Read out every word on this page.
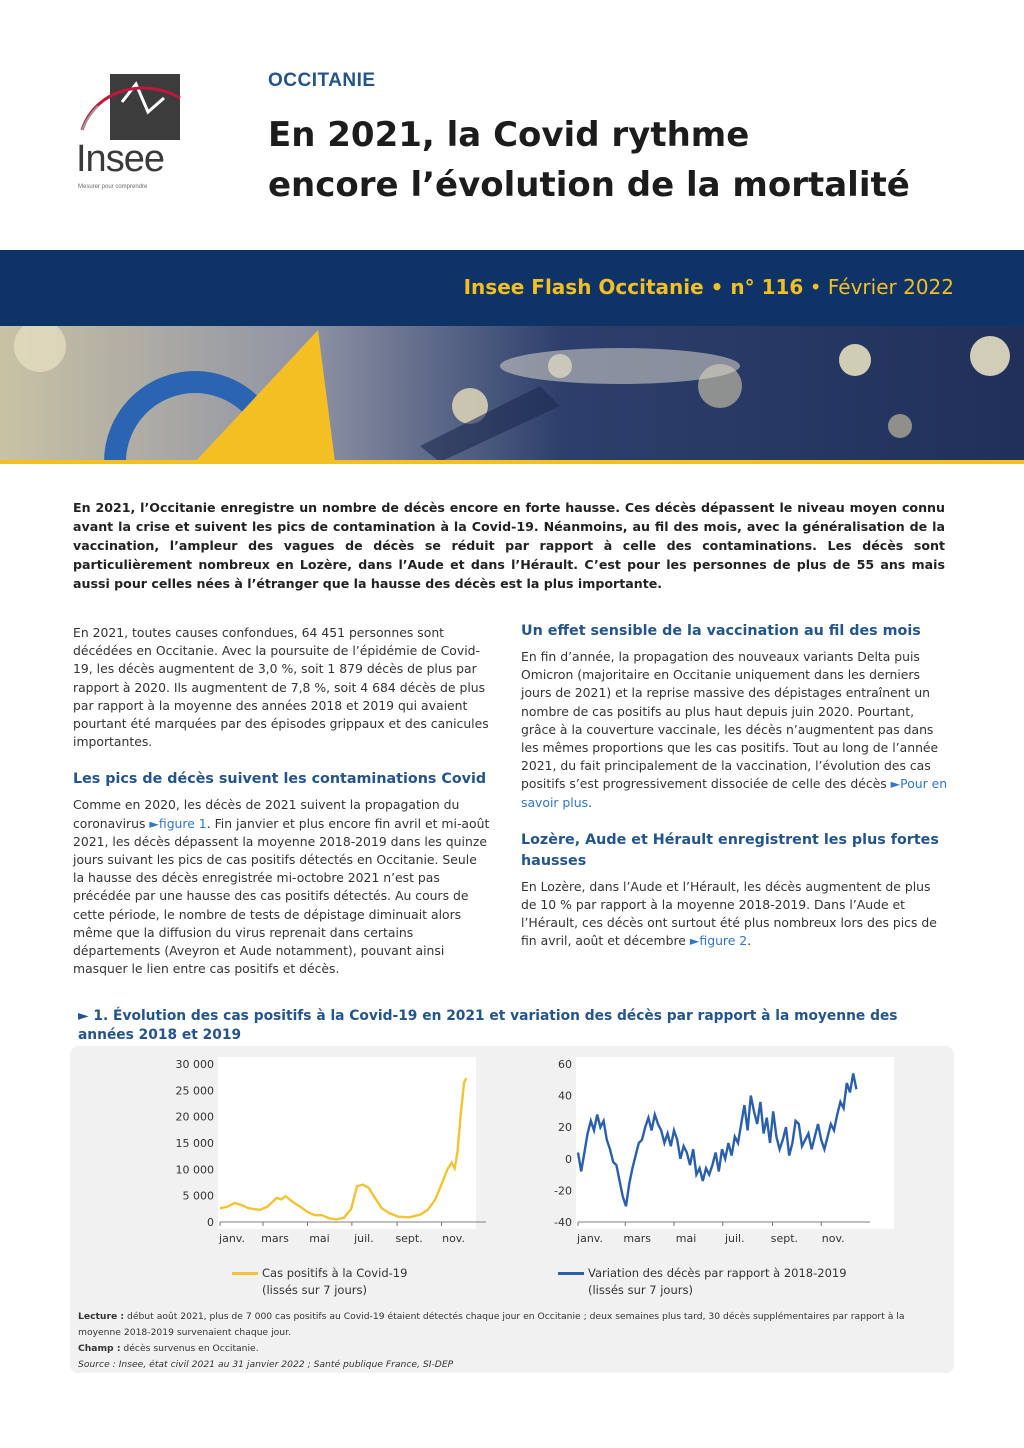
Insee
Mesurer pour comprendre
OCCITANIE
En 2021, la Covid rythme
encore l’évolution de la mortalité
Insee Flash Occitanie • n° 116 • Février 2022

En 2021, l’Occitanie enregistre un nombre de décès encore en forte hausse. Ces décès dépassent le niveau moyen connu avant la crise et suivent les pics de contamination à la Covid-19. Néanmoins, au fil des mois, avec la généralisation de la vaccination, l’ampleur des vagues de décès se réduit par rapport à celle des contaminations. Les décès sont particulièrement nombreux en Lozère, dans l’Aude et dans l’Hérault. C’est pour les personnes de plus de 55 ans mais aussi pour celles nées à l’étranger que la hausse des décès est la plus importante.

En 2021, toutes causes confondues, 64 451 personnes sont décédées en Occitanie. Avec la poursuite de l’épidémie de Covid-19, les décès augmentent de 3,0 %, soit 1 879 décès de plus par rapport à 2020. Ils augmentent de 7,8 %, soit 4 684 décès de plus par rapport à la moyenne des années 2018 et 2019 qui avaient pourtant été marquées par des épisodes grippaux et des canicules importantes.

Les pics de décès suivent les contaminations Covid

Comme en 2020, les décès de 2021 suivent la propagation du coronavirus ►figure 1. Fin janvier et plus encore fin avril et mi-août 2021, les décès dépassent la moyenne 2018-2019 dans les quinze jours suivant les pics de cas positifs détectés en Occitanie. Seule la hausse des décès enregistrée mi-octobre 2021 n’est pas précédée par une hausse des cas positifs détectés. Au cours de cette période, le nombre de tests de dépistage diminuait alors même que la diffusion du virus reprenait dans certains départements (Aveyron et Aude notamment), pouvant ainsi masquer le lien entre cas positifs et décès.

Un effet sensible de la vaccination au fil des mois

En fin d’année, la propagation des nouveaux variants Delta puis Omicron (majoritaire en Occitanie uniquement dans les derniers jours de 2021) et la reprise massive des dépistages entraînent un nombre de cas positifs au plus haut depuis juin 2020. Pourtant, grâce à la couverture vaccinale, les décès n’augmentent pas dans les mêmes proportions que les cas positifs. Tout au long de l’année 2021, du fait principalement de la vaccination, l’évolution des cas positifs s’est progressivement dissociée de celle des décès ►Pour en savoir plus.

Lozère, Aude et Hérault enregistrent les plus fortes hausses

En Lozère, dans l’Aude et l’Hérault, les décès augmentent de plus de 10 % par rapport à la moyenne 2018-2019. Dans l’Aude et l’Hérault, ces décès ont surtout été plus nombreux lors des pics de fin avril, août et décembre ►figure 2.

► 1. Évolution des cas positifs à la Covid-19 en 2021 et variation des décès par rapport à la moyenne des années 2018 et 2019

30 000
25 000
20 000
15 000
10 000
5 000
0
janv. mars mai juil. sept. nov.
60
40
20
0
-20
-40
janv. mars mai	juil. sept. nov.
Cas positifs à la Covid-19
(lissés sur 7 jours)
Variation des décès par rapport à 2018-2019
(lissés sur 7 jours)

Lecture : début août 2021, plus de 7 000 cas positifs au Covid-19 étaient détectés chaque jour en Occitanie ; deux semaines plus tard, 30 décès supplémentaires par rapport à la moyenne 2018-2019 survenaient chaque jour.
Champ : décès survenus en Occitanie.
Source : Insee, état civil 2021 au 31 janvier 2022 ; Santé publique France, SI-DEP
